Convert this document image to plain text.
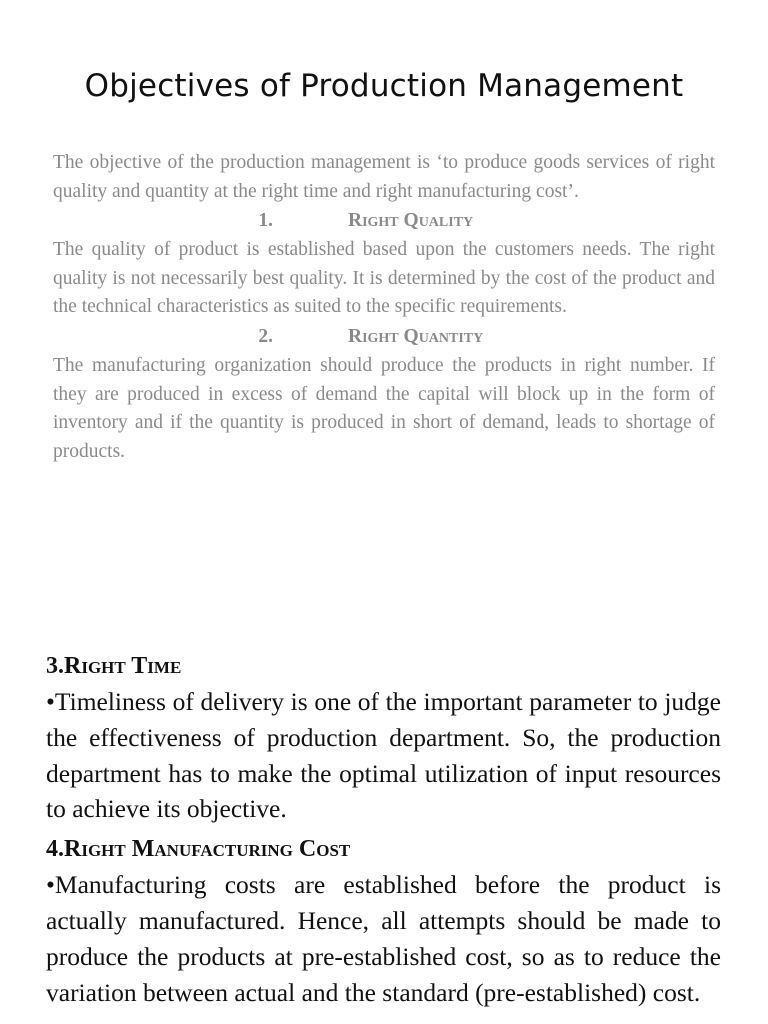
Objectives of Production Management

The objective of the production management is ‘to produce goods services of right quality and quantity at the right time and right manufacturing cost’.

1.	Right Quality

The quality of product is established based upon the customers needs. The right quality is not necessarily best quality. It is determined by the cost of the product and the technical characteristics as suited to the specific requirements.

2.	Right Quantity

The manufacturing organization should produce the products in right number. If they are produced in excess of demand the capital will block up in the form of inventory and if the quantity is produced in short of demand, leads to shortage of products.

3.Right Time

•Timeliness of delivery is one of the important parameter to judge the effectiveness of production department. So, the production department has to make the optimal utilization of input resources to achieve its objective.

4.Right Manufacturing Cost

•Manufacturing costs are established before the product is actually manufactured. Hence, all attempts should be made to produce the products at pre-established cost, so as to reduce the variation between actual and the standard (pre-established) cost.
